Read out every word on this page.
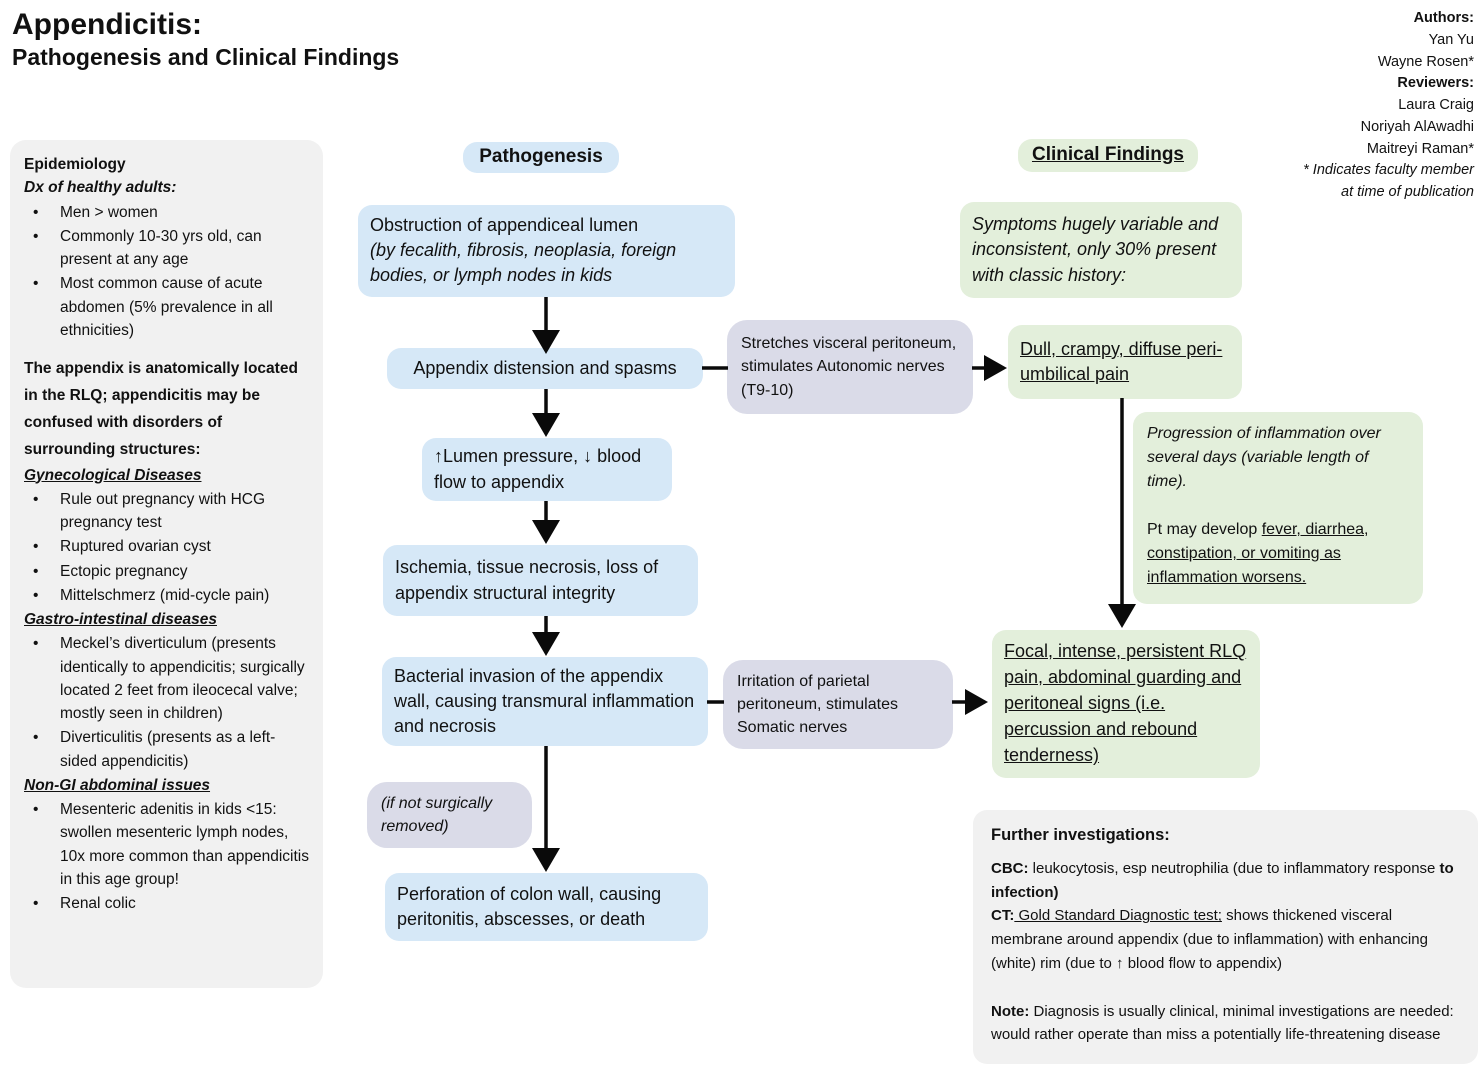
Appendicitis:
Pathogenesis and Clinical Findings
Authors:
Yan Yu
Wayne Rosen*
Reviewers:
Laura Craig
Noriyah AlAwadhi
Maitreyi Raman*
* Indicates faculty member
at time of publication
Epidemiology
Dx of healthy adults:
•	Men > women
•	Commonly 10-30 yrs old, can present at any age
•	Most common cause of acute abdomen (5% prevalence in all ethnicities)
The appendix is anatomically located in the RLQ; appendicitis may be confused with disorders of surrounding structures:
Gynecological Diseases
•	Rule out pregnancy with HCG pregnancy test
•	Ruptured ovarian cyst
•	Ectopic pregnancy
•	Mittelschmerz (mid-cycle pain)
Gastro-intestinal diseases
•	Meckel’s diverticulum (presents identically to appendicitis; surgically located 2 feet from ileocecal valve; mostly seen in children)
•	Diverticulitis (presents as a left-sided appendicitis)
Non-GI abdominal issues
•	Mesenteric adenitis in kids <15: swollen mesenteric lymph nodes, 10x more common than appendicitis in this age group!
•	Renal colic
Pathogenesis	Clinical Findings
Obstruction of appendiceal lumen
(by fecalith, fibrosis, neoplasia, foreign bodies, or lymph nodes in kids
Appendix distension and spasms
Stretches visceral peritoneum, stimulates Autonomic nerves (T9-10)
↑Lumen pressure, ↓ blood flow to appendix
Ischemia, tissue necrosis, loss of appendix structural integrity
Bacterial invasion of the appendix wall, causing transmural inflammation and necrosis
(if not surgically removed)
Irritation of parietal peritoneum, stimulates Somatic nerves
Perforation of colon wall, causing peritonitis, abscesses, or death
Symptoms hugely variable and inconsistent, only 30% present with classic history:
Dull, crampy, diffuse peri-umbilical pain
Progression of inflammation over several days (variable length of time).
Pt may develop fever, diarrhea, constipation, or vomiting as inflammation worsens.
Focal, intense, persistent RLQ pain, abdominal guarding and peritoneal signs (i.e. percussion and rebound tenderness)
Further investigations:
CBC: leukocytosis, esp neutrophilia (due to inflammatory response to infection)
CT: Gold Standard Diagnostic test; shows thickened visceral membrane around appendix (due to inflammation) with enhancing (white) rim (due to ↑ blood flow to appendix)
Note: Diagnosis is usually clinical, minimal investigations are needed: would rather operate than miss a potentially life-threatening disease
